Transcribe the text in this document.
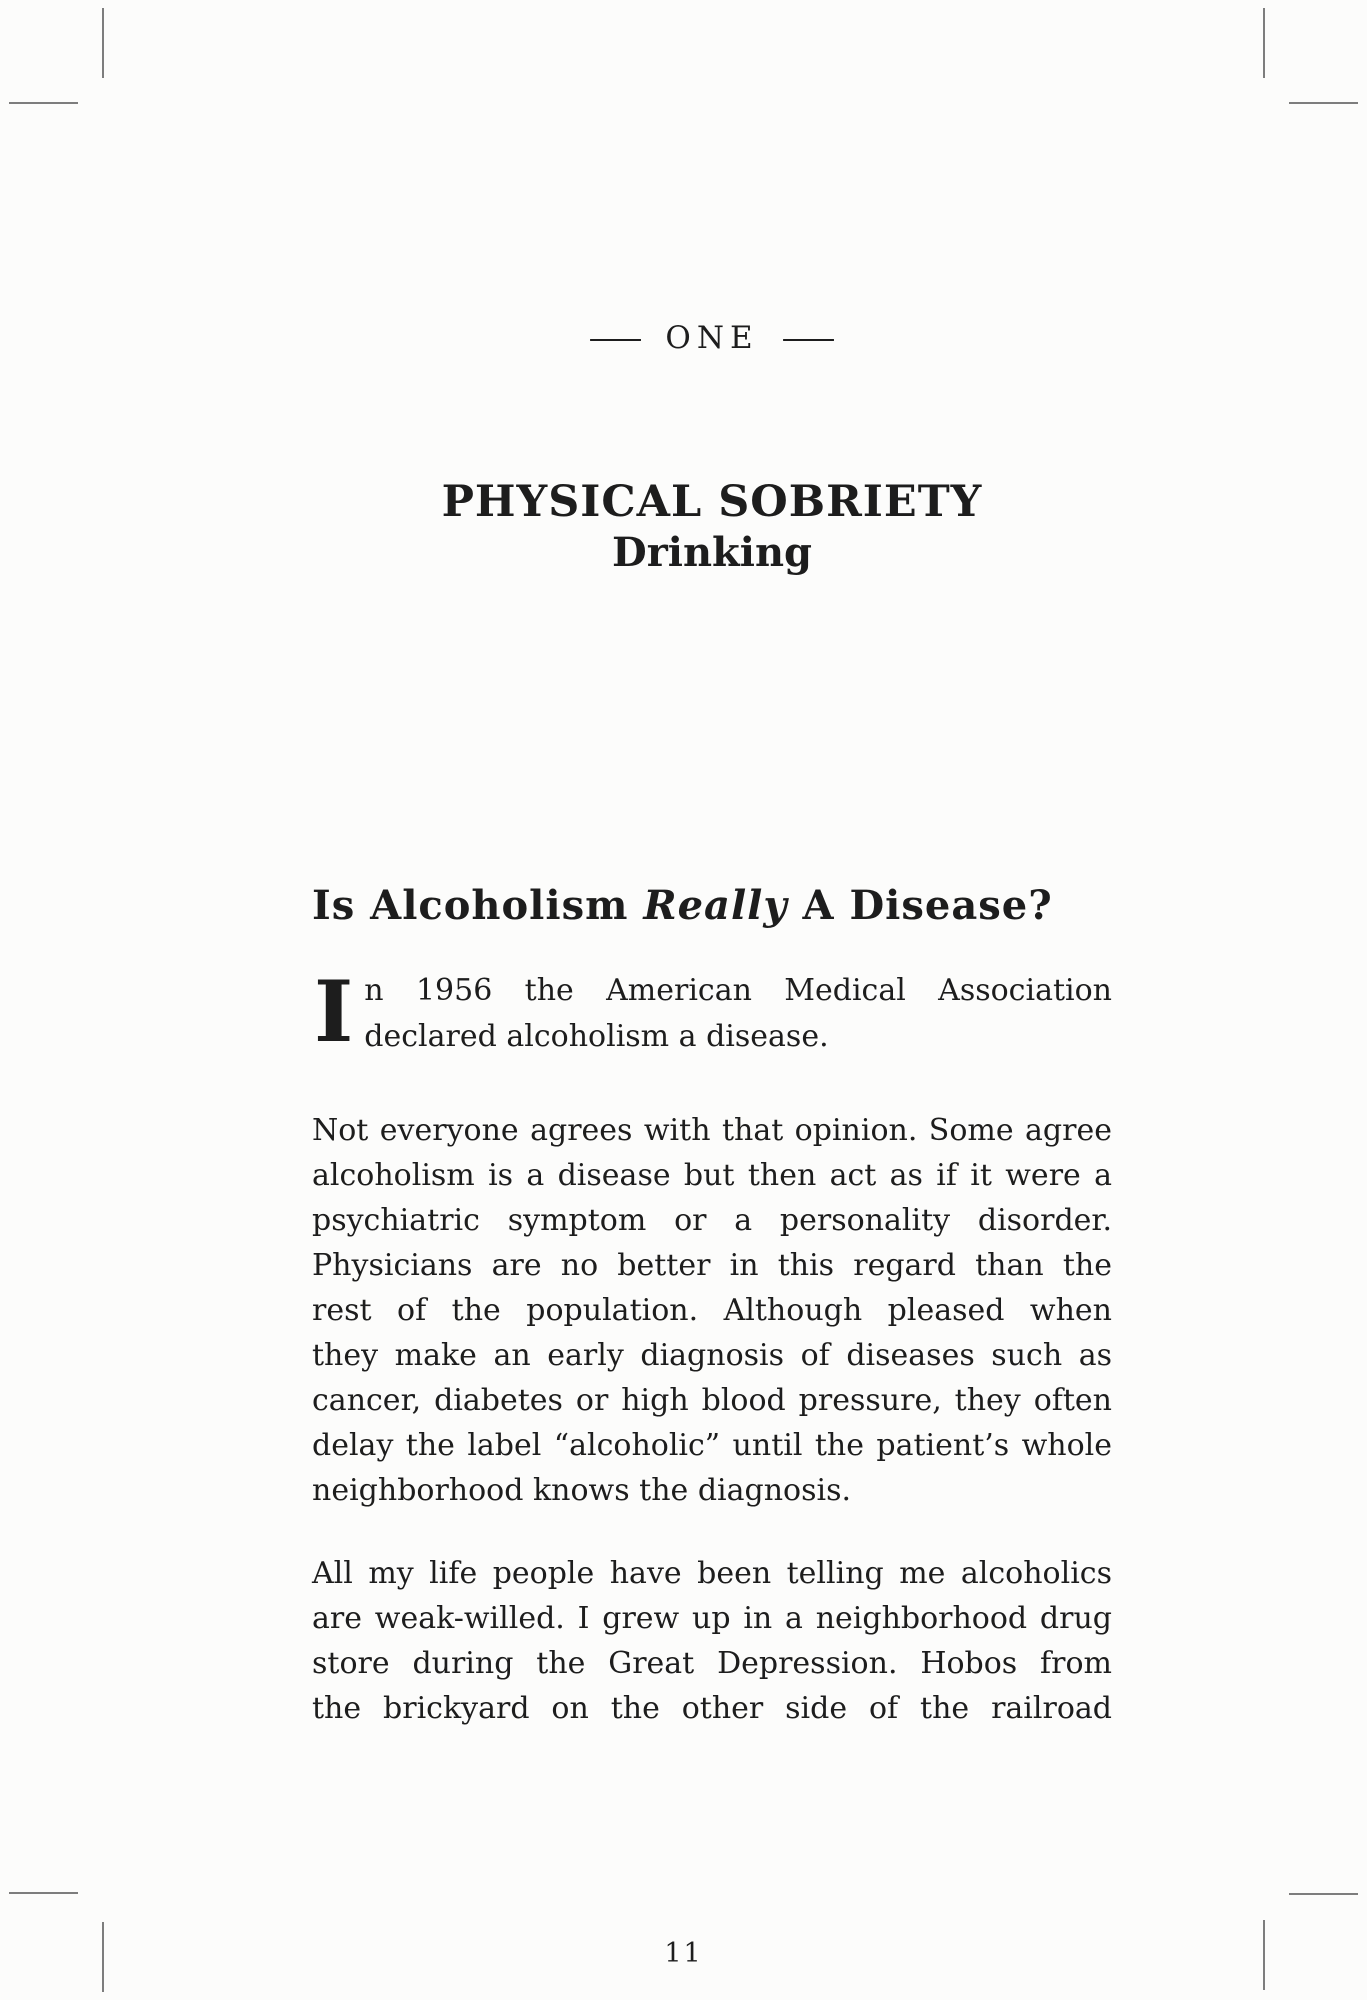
— ONE —
PHYSICAL SOBRIETY
Drinking
Is Alcoholism Really A Disease?
I n 1956 the American Medical Association
declared alcoholism a disease.
Not everyone agrees with that opinion. Some agree
alcoholism is a disease but then act as if it were a
psychiatric symptom or a personality disorder.
Physicians are no better in this regard than the
rest of the population. Although pleased when
they make an early diagnosis of diseases such as
cancer, diabetes or high blood pressure, they often
delay the label “alcoholic” until the patient’s whole
neighborhood knows the diagnosis.
All my life people have been telling me alcoholics
are weak-willed. I grew up in a neighborhood drug
store during the Great Depression. Hobos from
the brickyard on the other side of the railroad
11
